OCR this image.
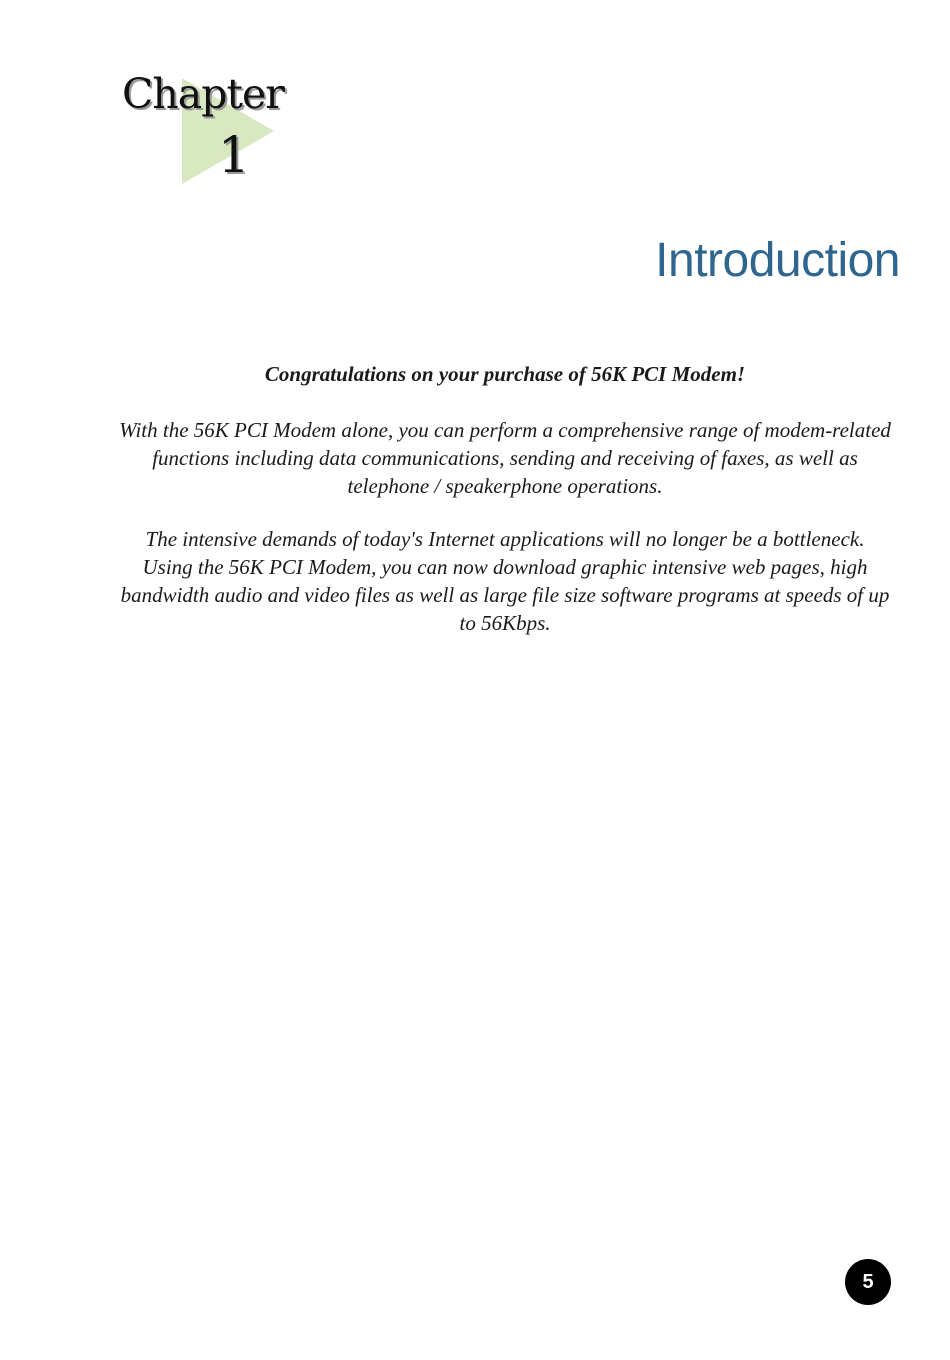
Chapter
1
Introduction

Congratulations on your purchase of 56K PCI Modem!

With the 56K PCI Modem alone, you can perform a comprehensive range of modem-related functions including data communications, sending and receiving of faxes, as well as telephone / speakerphone operations.

The intensive demands of today's Internet applications will no longer be a bottleneck. Using the 56K PCI Modem, you can now download graphic intensive web pages, high bandwidth audio and video files as well as large file size software programs at speeds of up to 56Kbps.

5
